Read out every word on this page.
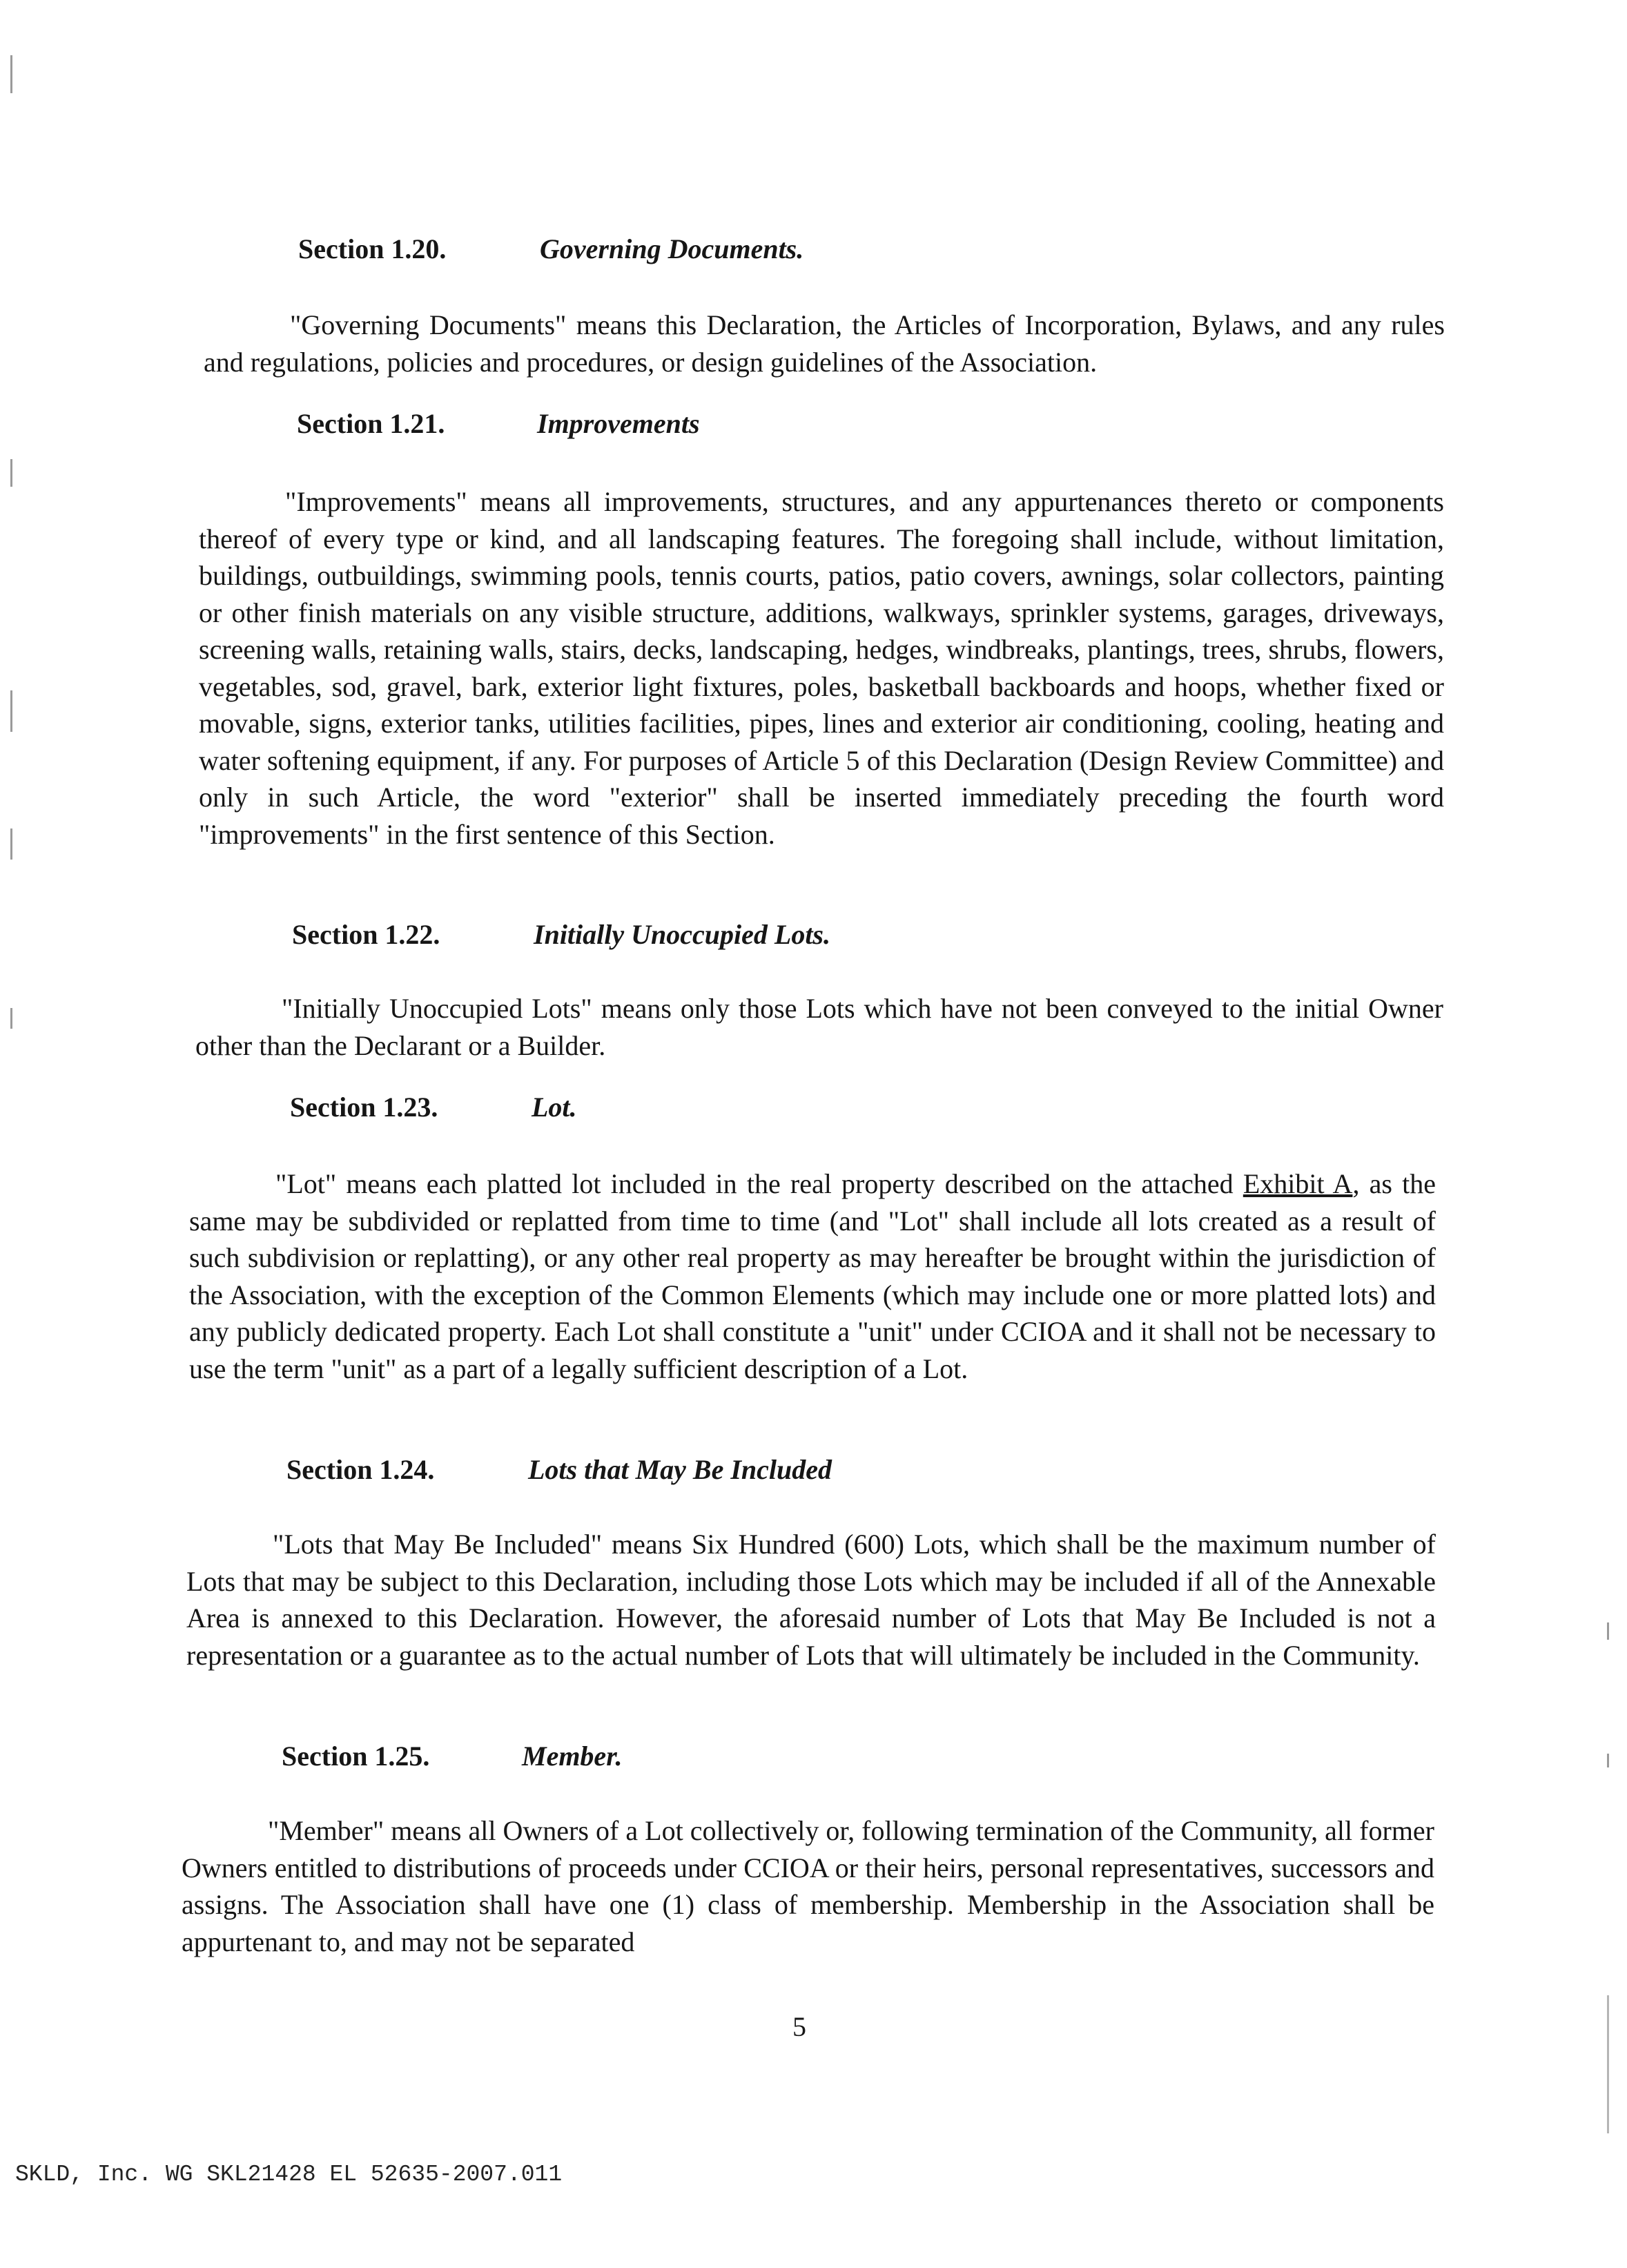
Section 1.20.	Governing Documents.
"Governing Documents" means this Declaration, the Articles of Incorporation, Bylaws, and any rules and regulations, policies and procedures, or design guidelines of the Association.
Section 1.21.	Improvements
"Improvements" means all improvements, structures, and any appurtenances thereto or components thereof of every type or kind, and all landscaping features. The foregoing shall include, without limitation, buildings, outbuildings, swimming pools, tennis courts, patios, patio covers, awnings, solar collectors, painting or other finish materials on any visible structure, additions, walkways, sprinkler systems, garages, driveways, screening walls, retaining walls, stairs, decks, landscaping, hedges, windbreaks, plantings, trees, shrubs, flowers, vegetables, sod, gravel, bark, exterior light fixtures, poles, basketball backboards and hoops, whether fixed or movable, signs, exterior tanks, utilities facilities, pipes, lines and exterior air conditioning, cooling, heating and water softening equipment, if any. For purposes of Article 5 of this Declaration (Design Review Committee) and only in such Article, the word "exterior" shall be inserted immediately preceding the fourth word "improvements" in the first sentence of this Section.
Section 1.22.	Initially Unoccupied Lots.
"Initially Unoccupied Lots" means only those Lots which have not been conveyed to the initial Owner other than the Declarant or a Builder.
Section 1.23.	Lot.
"Lot" means each platted lot included in the real property described on the attached Exhibit A, as the same may be subdivided or replatted from time to time (and "Lot" shall include all lots created as a result of such subdivision or replatting), or any other real property as may hereafter be brought within the jurisdiction of the Association, with the exception of the Common Elements (which may include one or more platted lots) and any publicly dedicated property. Each Lot shall constitute a "unit" under CCIOA and it shall not be necessary to use the term "unit" as a part of a legally sufficient description of a Lot.
Section 1.24.	Lots that May Be Included
"Lots that May Be Included" means Six Hundred (600) Lots, which shall be the maximum number of Lots that may be subject to this Declaration, including those Lots which may be included if all of the Annexable Area is annexed to this Declaration. However, the aforesaid number of Lots that May Be Included is not a representation or a guarantee as to the actual number of Lots that will ultimately be included in the Community.
Section 1.25.	Member.
"Member" means all Owners of a Lot collectively or, following termination of the Community, all former Owners entitled to distributions of proceeds under CCIOA or their heirs, personal representatives, successors and assigns. The Association shall have one (1) class of membership. Membership in the Association shall be appurtenant to, and may not be separated
5
SKLD, Inc. WG SKL21428 EL 52635-2007.011
